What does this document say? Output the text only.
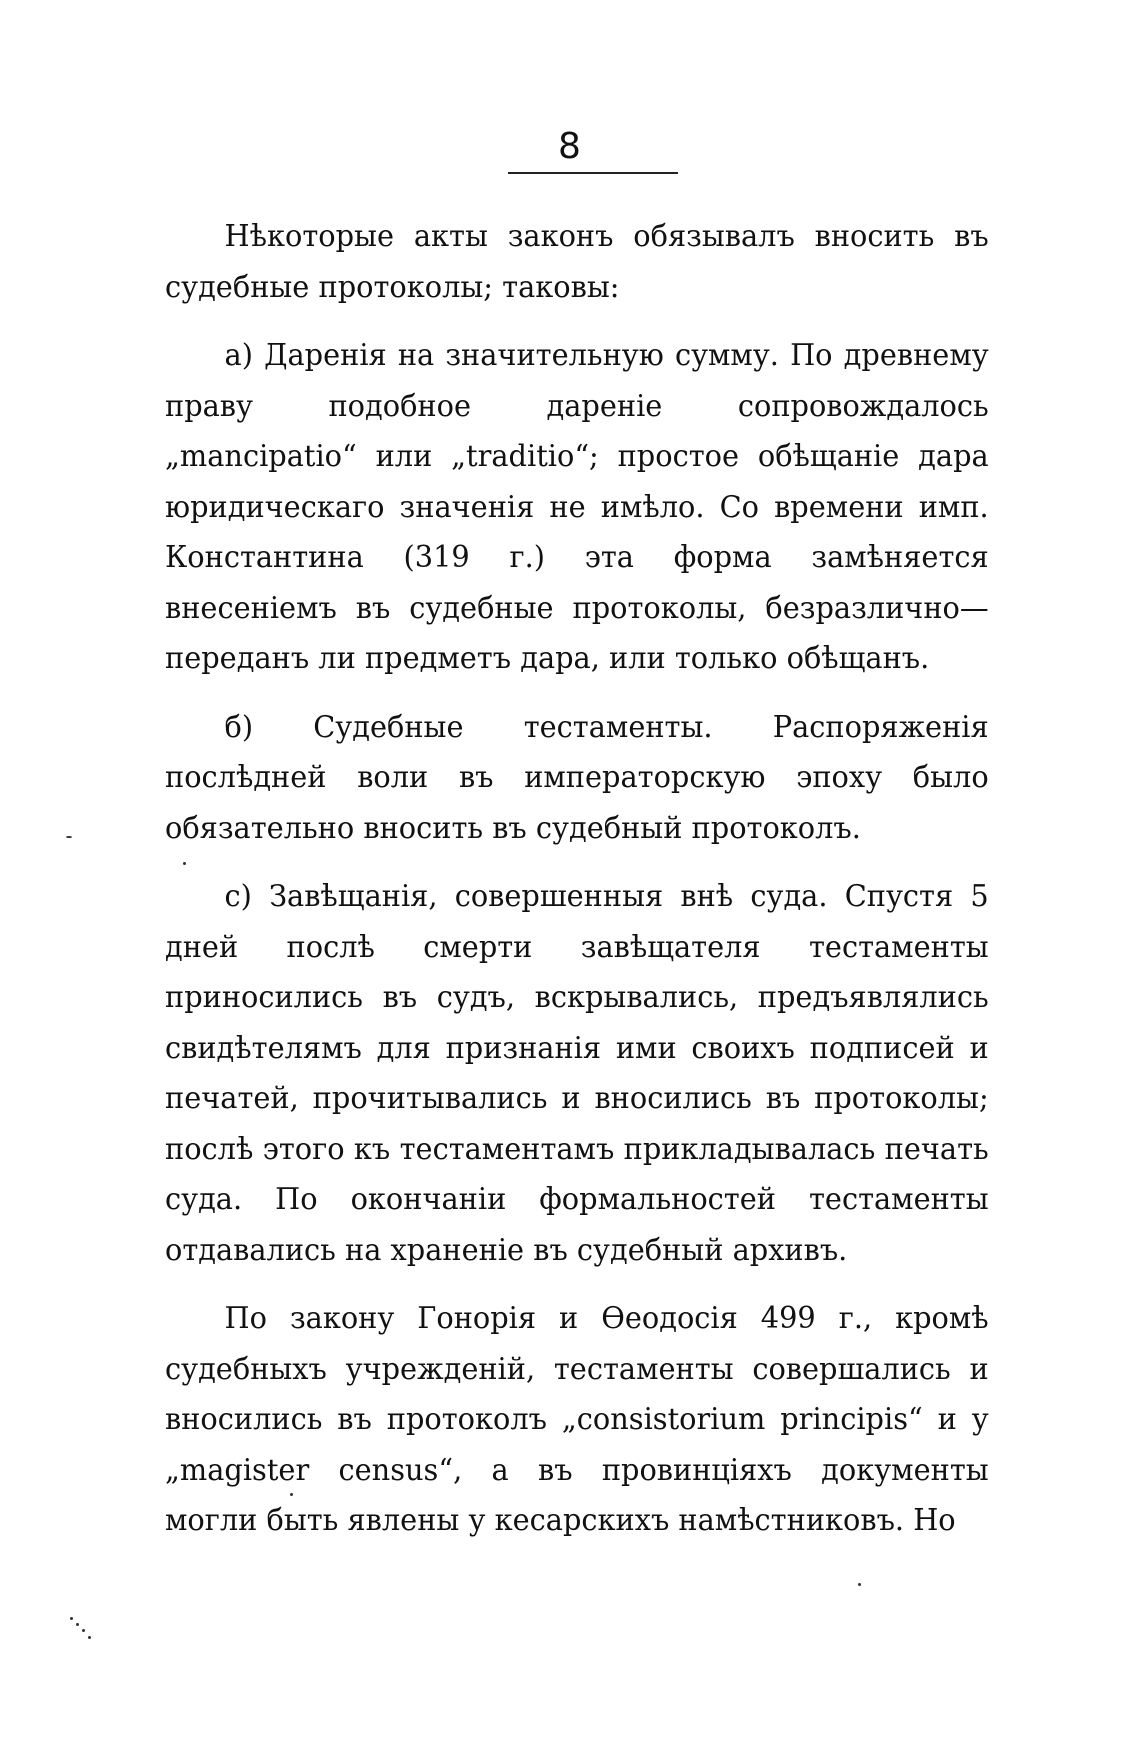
8

Нѣкоторые акты законъ обязывалъ вносить въ судебные протоколы; таковы:

а) Даренія на значительную сумму. По древнему праву подобное дареніе сопровождалось „mancipatio“ или „traditio“; простое обѣщаніе дара юридическаго значенія не имѣло. Со времени имп. Константина (319 г.) эта форма замѣняется внесеніемъ въ судебные протоколы, безразлично—переданъ ли предметъ дара, или только обѣщанъ.

б) Судебные тестаменты. Распоряженія послѣдней воли въ императорскую эпоху было обязательно вносить въ судебный протоколъ.

с) Завѣщанія, совершенныя внѣ суда. Спустя 5 дней послѣ смерти завѣщателя тестаменты приносились въ судъ, вскрывались, предъявлялись свидѣтелямъ для признанія ими своихъ подписей и печатей, прочитывались и вносились въ протоколы; послѣ этого къ тестаментамъ прикладывалась печать суда. По окончаніи формальностей тестаменты отдавались на храненіе въ судебный архивъ.

По закону Гонорія и Ѳеодосія 499 г., кромѣ судебныхъ учрежденій, тестаменты совершались и вносились въ протоколъ „consistorium principis“ и у „magister census“, а въ провинціяхъ документы могли быть явлены у кесарскихъ намѣстниковъ. Но
